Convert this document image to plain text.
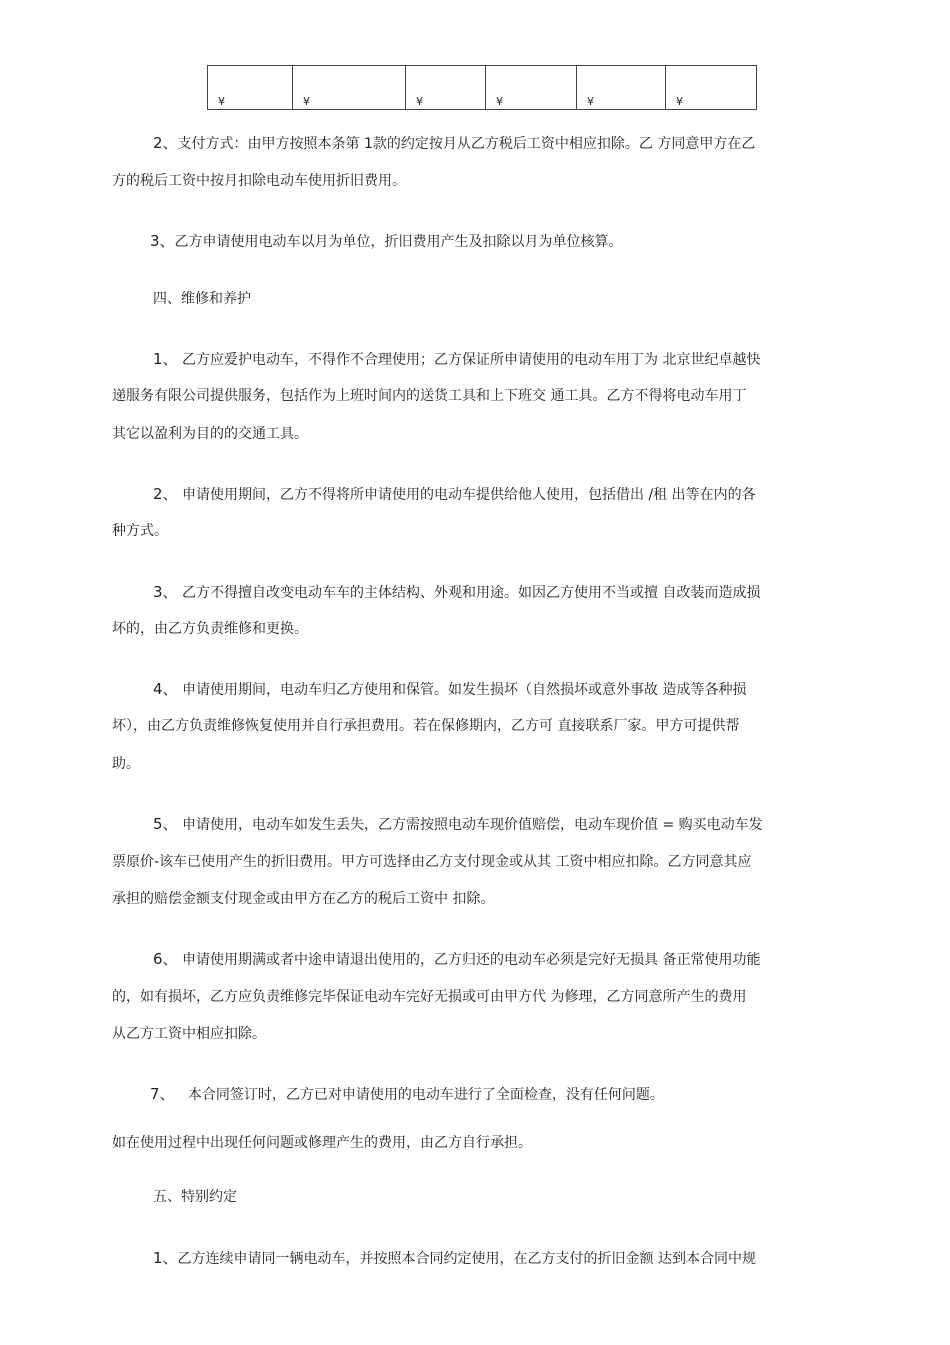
¥	¥	¥	¥	¥	¥

2、支付方式：由甲方按照本条第 1款的约定按月从乙方税后工资中相应扣除。乙 方同意甲方在乙

方的税后工资中按月扣除电动车使用折旧费用。

3、乙方申请使用电动车以月为单位，折旧费用产生及扣除以月为单位核算。

四、维修和养护

1、 乙方应爱护电动车，不得作不合理使用；乙方保证所申请使用的电动车用丁为 北京世纪卓越快

递服务有限公司提供服务，包括作为上班时间内的送货工具和上下班交 通工具。乙方不得将电动车用丁

其它以盈利为目的的交通工具。

2、 申请使用期间，乙方不得将所申请使用的电动车提供给他人使用，包括借出 /租 出等在内的各

种方式。

3、 乙方不得擅自改变电动车车的主体结构、外观和用途。如因乙方使用不当或擅 自改装而造成损

坏的，由乙方负责维修和更换。

4、 申请使用期间，电动车归乙方使用和保管。如发生损坏（自然损坏或意外事故 造成等各种损

坏），由乙方负责维修恢复使用并自行承担费用。若在保修期内，乙方可 直接联系厂家。甲方可提供帮

助。

5、 申请使用，电动车如发生丢失，乙方需按照电动车现价值赔偿，电动车现价值 = 购买电动车发

票原价-该车已使用产生的折旧费用。甲方可选择由乙方支付现金或从其 工资中相应扣除。乙方同意其应

承担的赔偿金额支付现金或由甲方在乙方的税后工资中 扣除。

6、 申请使用期满或者中途申请退出使用的，乙方归还的电动车必须是完好无损具 备正常使用功能

的，如有损坏，乙方应负责维修完毕保证电动车完好无损或可由甲方代 为修理，乙方同意所产生的费用

从乙方工资中相应扣除。

7、 本合同签订时，乙方已对申请使用的电动车进行了全面检查，没有任何问题。

如在使用过程中出现任何问题或修理产生的费用，由乙方自行承担。

五、特别约定

1、乙方连续申请同一辆电动车，并按照本合同约定使用，在乙方支付的折旧金额 达到本合同中规
